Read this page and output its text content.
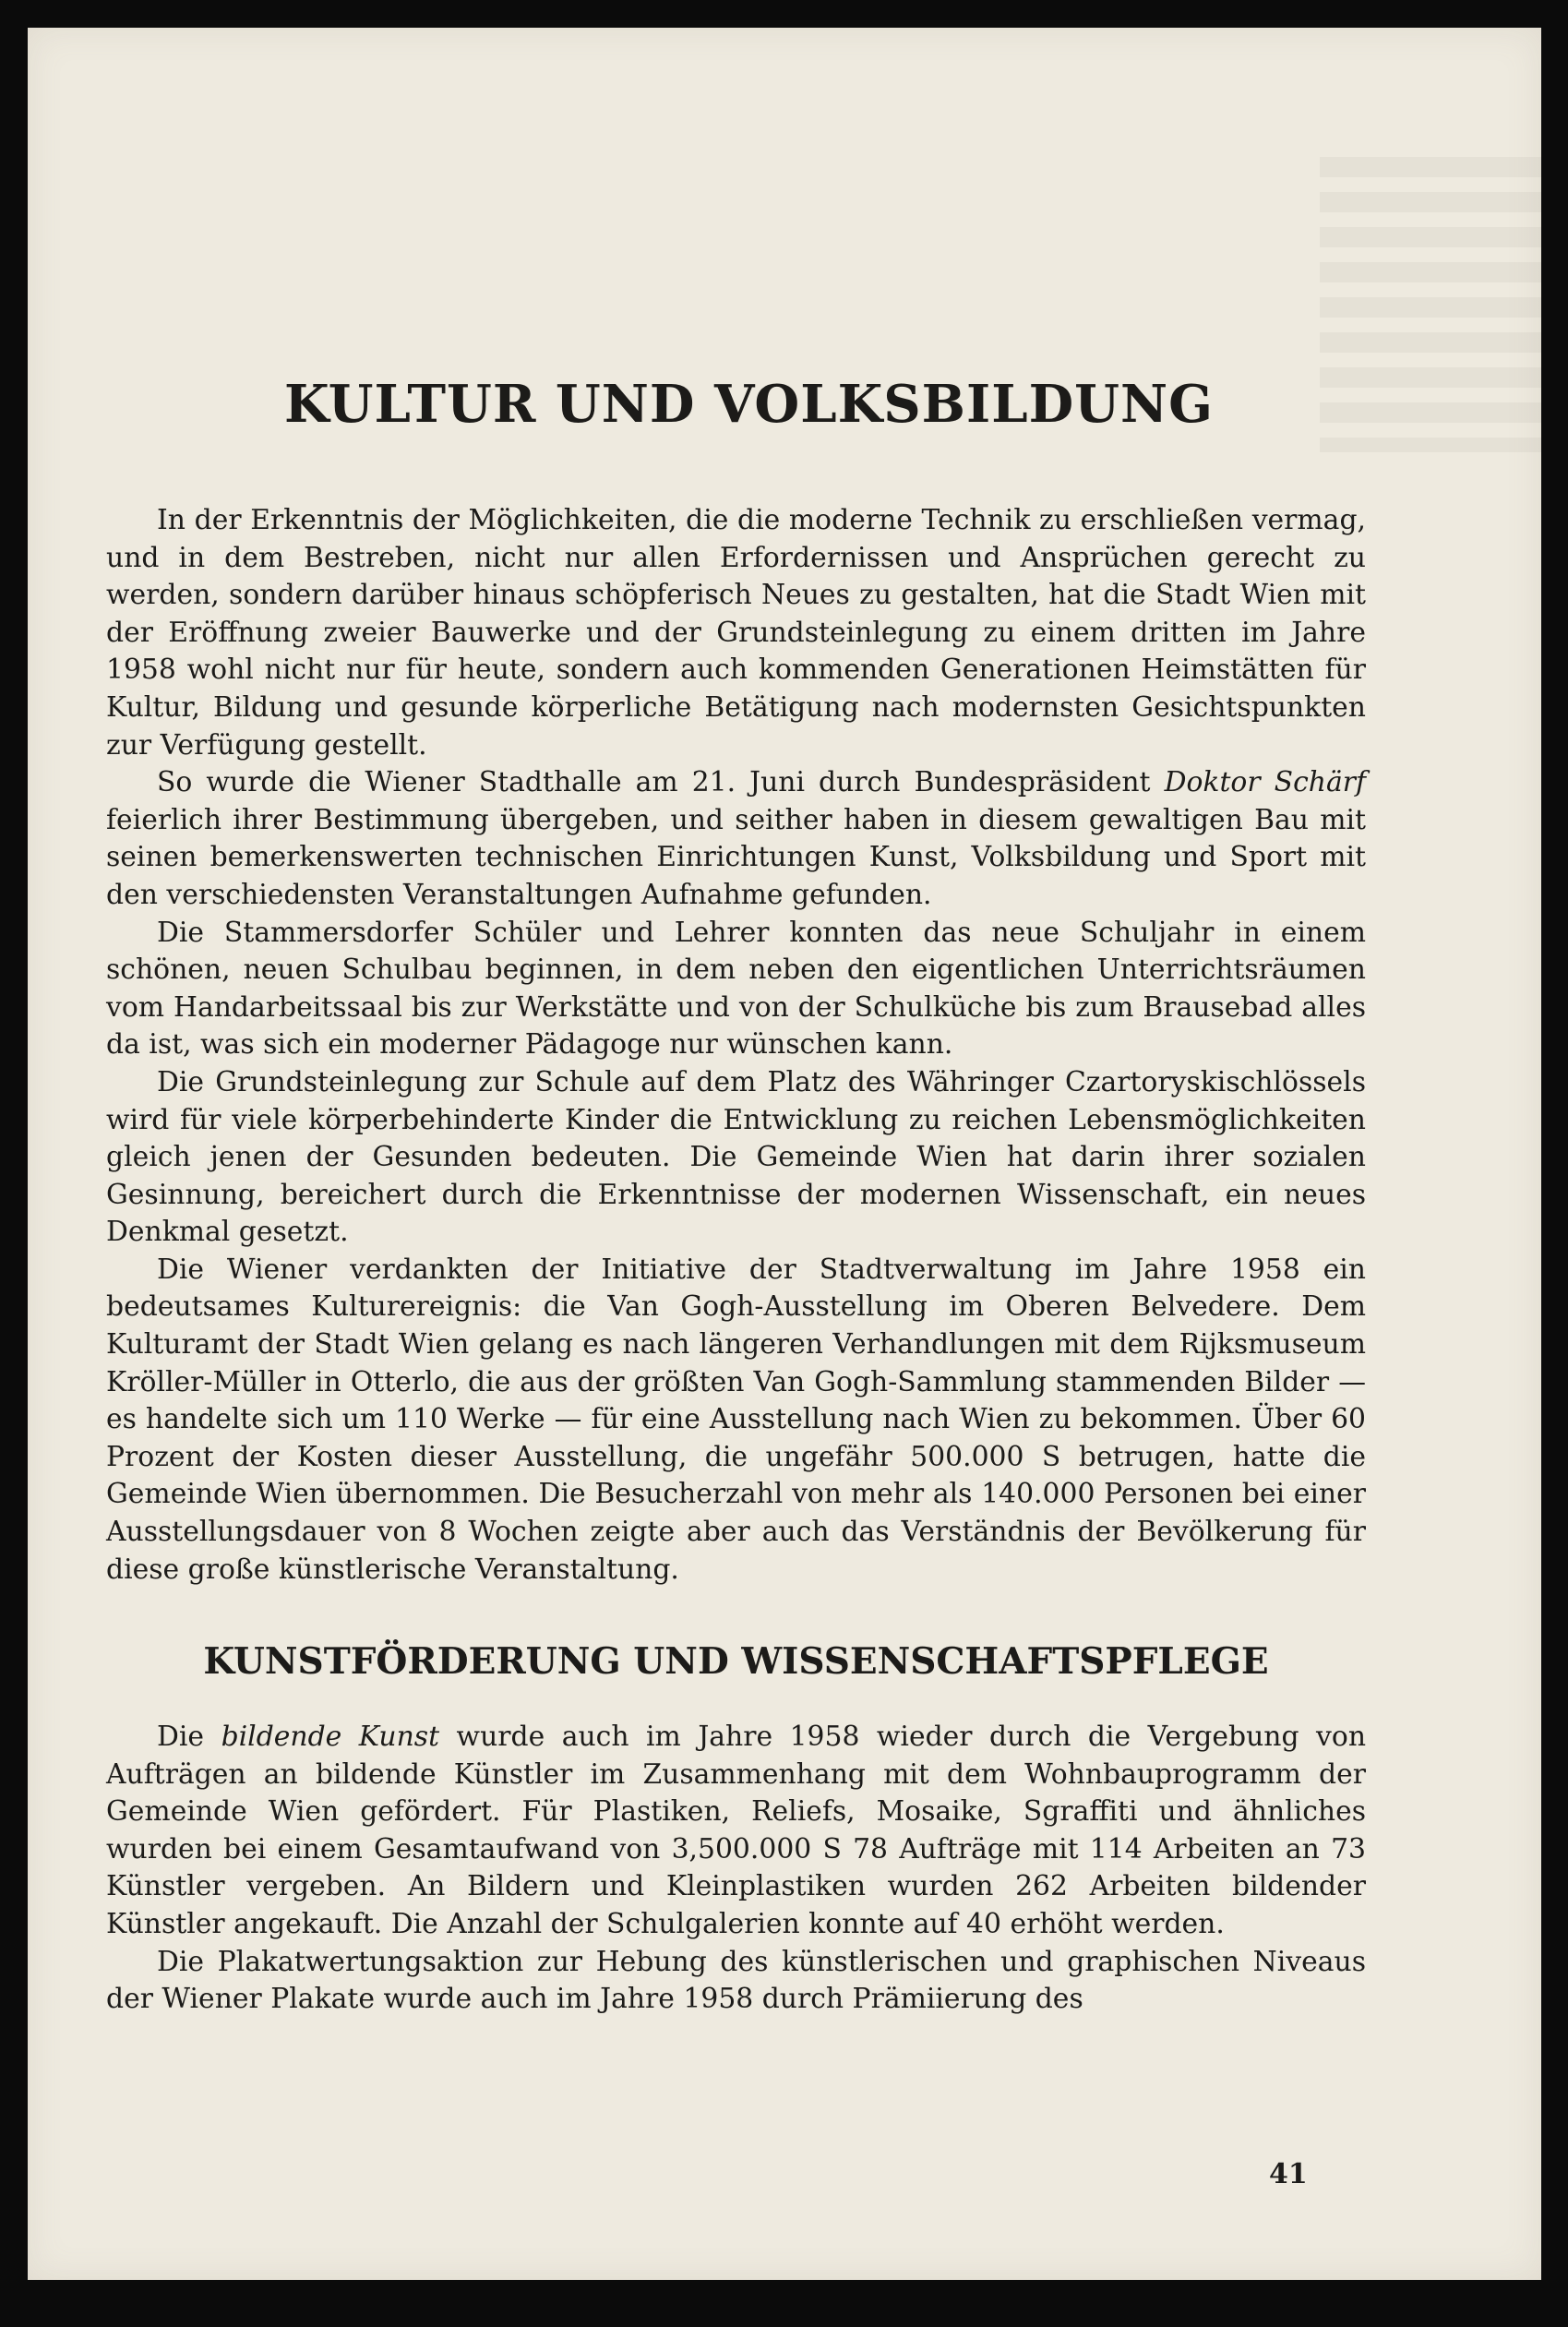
KULTUR UND VOLKSBILDUNG

In der Erkenntnis der Möglichkeiten, die die moderne Technik zu erschließen vermag, und in dem Bestreben, nicht nur allen Erfordernissen und Ansprüchen gerecht zu werden, sondern darüber hinaus schöpferisch Neues zu gestalten, hat die Stadt Wien mit der Eröffnung zweier Bauwerke und der Grundsteinlegung zu einem dritten im Jahre 1958 wohl nicht nur für heute, sondern auch kommenden Generationen Heimstätten für Kultur, Bildung und gesunde körperliche Betätigung nach modernsten Gesichtspunkten zur Verfügung gestellt.

So wurde die Wiener Stadthalle am 21. Juni durch Bundespräsident Doktor Schärf feierlich ihrer Bestimmung übergeben, und seither haben in diesem gewaltigen Bau mit seinen bemerkenswerten technischen Einrichtungen Kunst, Volksbildung und Sport mit den verschiedensten Veranstaltungen Aufnahme gefunden.

Die Stammersdorfer Schüler und Lehrer konnten das neue Schuljahr in einem schönen, neuen Schulbau beginnen, in dem neben den eigentlichen Unterrichtsräumen vom Handarbeitssaal bis zur Werkstätte und von der Schulküche bis zum Brausebad alles da ist, was sich ein moderner Pädagoge nur wünschen kann.

Die Grundsteinlegung zur Schule auf dem Platz des Währinger Czartoryskischlössels wird für viele körperbehinderte Kinder die Entwicklung zu reichen Lebensmöglichkeiten gleich jenen der Gesunden bedeuten. Die Gemeinde Wien hat darin ihrer sozialen Gesinnung, bereichert durch die Erkenntnisse der modernen Wissenschaft, ein neues Denkmal gesetzt.

Die Wiener verdankten der Initiative der Stadtverwaltung im Jahre 1958 ein bedeutsames Kulturereignis: die Van Gogh-Ausstellung im Oberen Belvedere. Dem Kulturamt der Stadt Wien gelang es nach längeren Verhandlungen mit dem Rijksmuseum Kröller-Müller in Otterlo, die aus der größten Van Gogh-Sammlung stammenden Bilder — es handelte sich um 110 Werke — für eine Ausstellung nach Wien zu bekommen. Über 60 Prozent der Kosten dieser Ausstellung, die ungefähr 500.000 S betrugen, hatte die Gemeinde Wien übernommen. Die Besucherzahl von mehr als 140.000 Personen bei einer Ausstellungsdauer von 8 Wochen zeigte aber auch das Verständnis der Bevölkerung für diese große künstlerische Veranstaltung.

KUNSTFÖRDERUNG UND WISSENSCHAFTSPFLEGE

Die bildende Kunst wurde auch im Jahre 1958 wieder durch die Vergebung von Aufträgen an bildende Künstler im Zusammenhang mit dem Wohnbauprogramm der Gemeinde Wien gefördert. Für Plastiken, Reliefs, Mosaike, Sgraffiti und ähnliches wurden bei einem Gesamtaufwand von 3,500.000 S 78 Aufträge mit 114 Arbeiten an 73 Künstler vergeben. An Bildern und Kleinplastiken wurden 262 Arbeiten bildender Künstler angekauft. Die Anzahl der Schulgalerien konnte auf 40 erhöht werden.

Die Plakatwertungsaktion zur Hebung des künstlerischen und graphischen Niveaus der Wiener Plakate wurde auch im Jahre 1958 durch Prämiierung des

41
